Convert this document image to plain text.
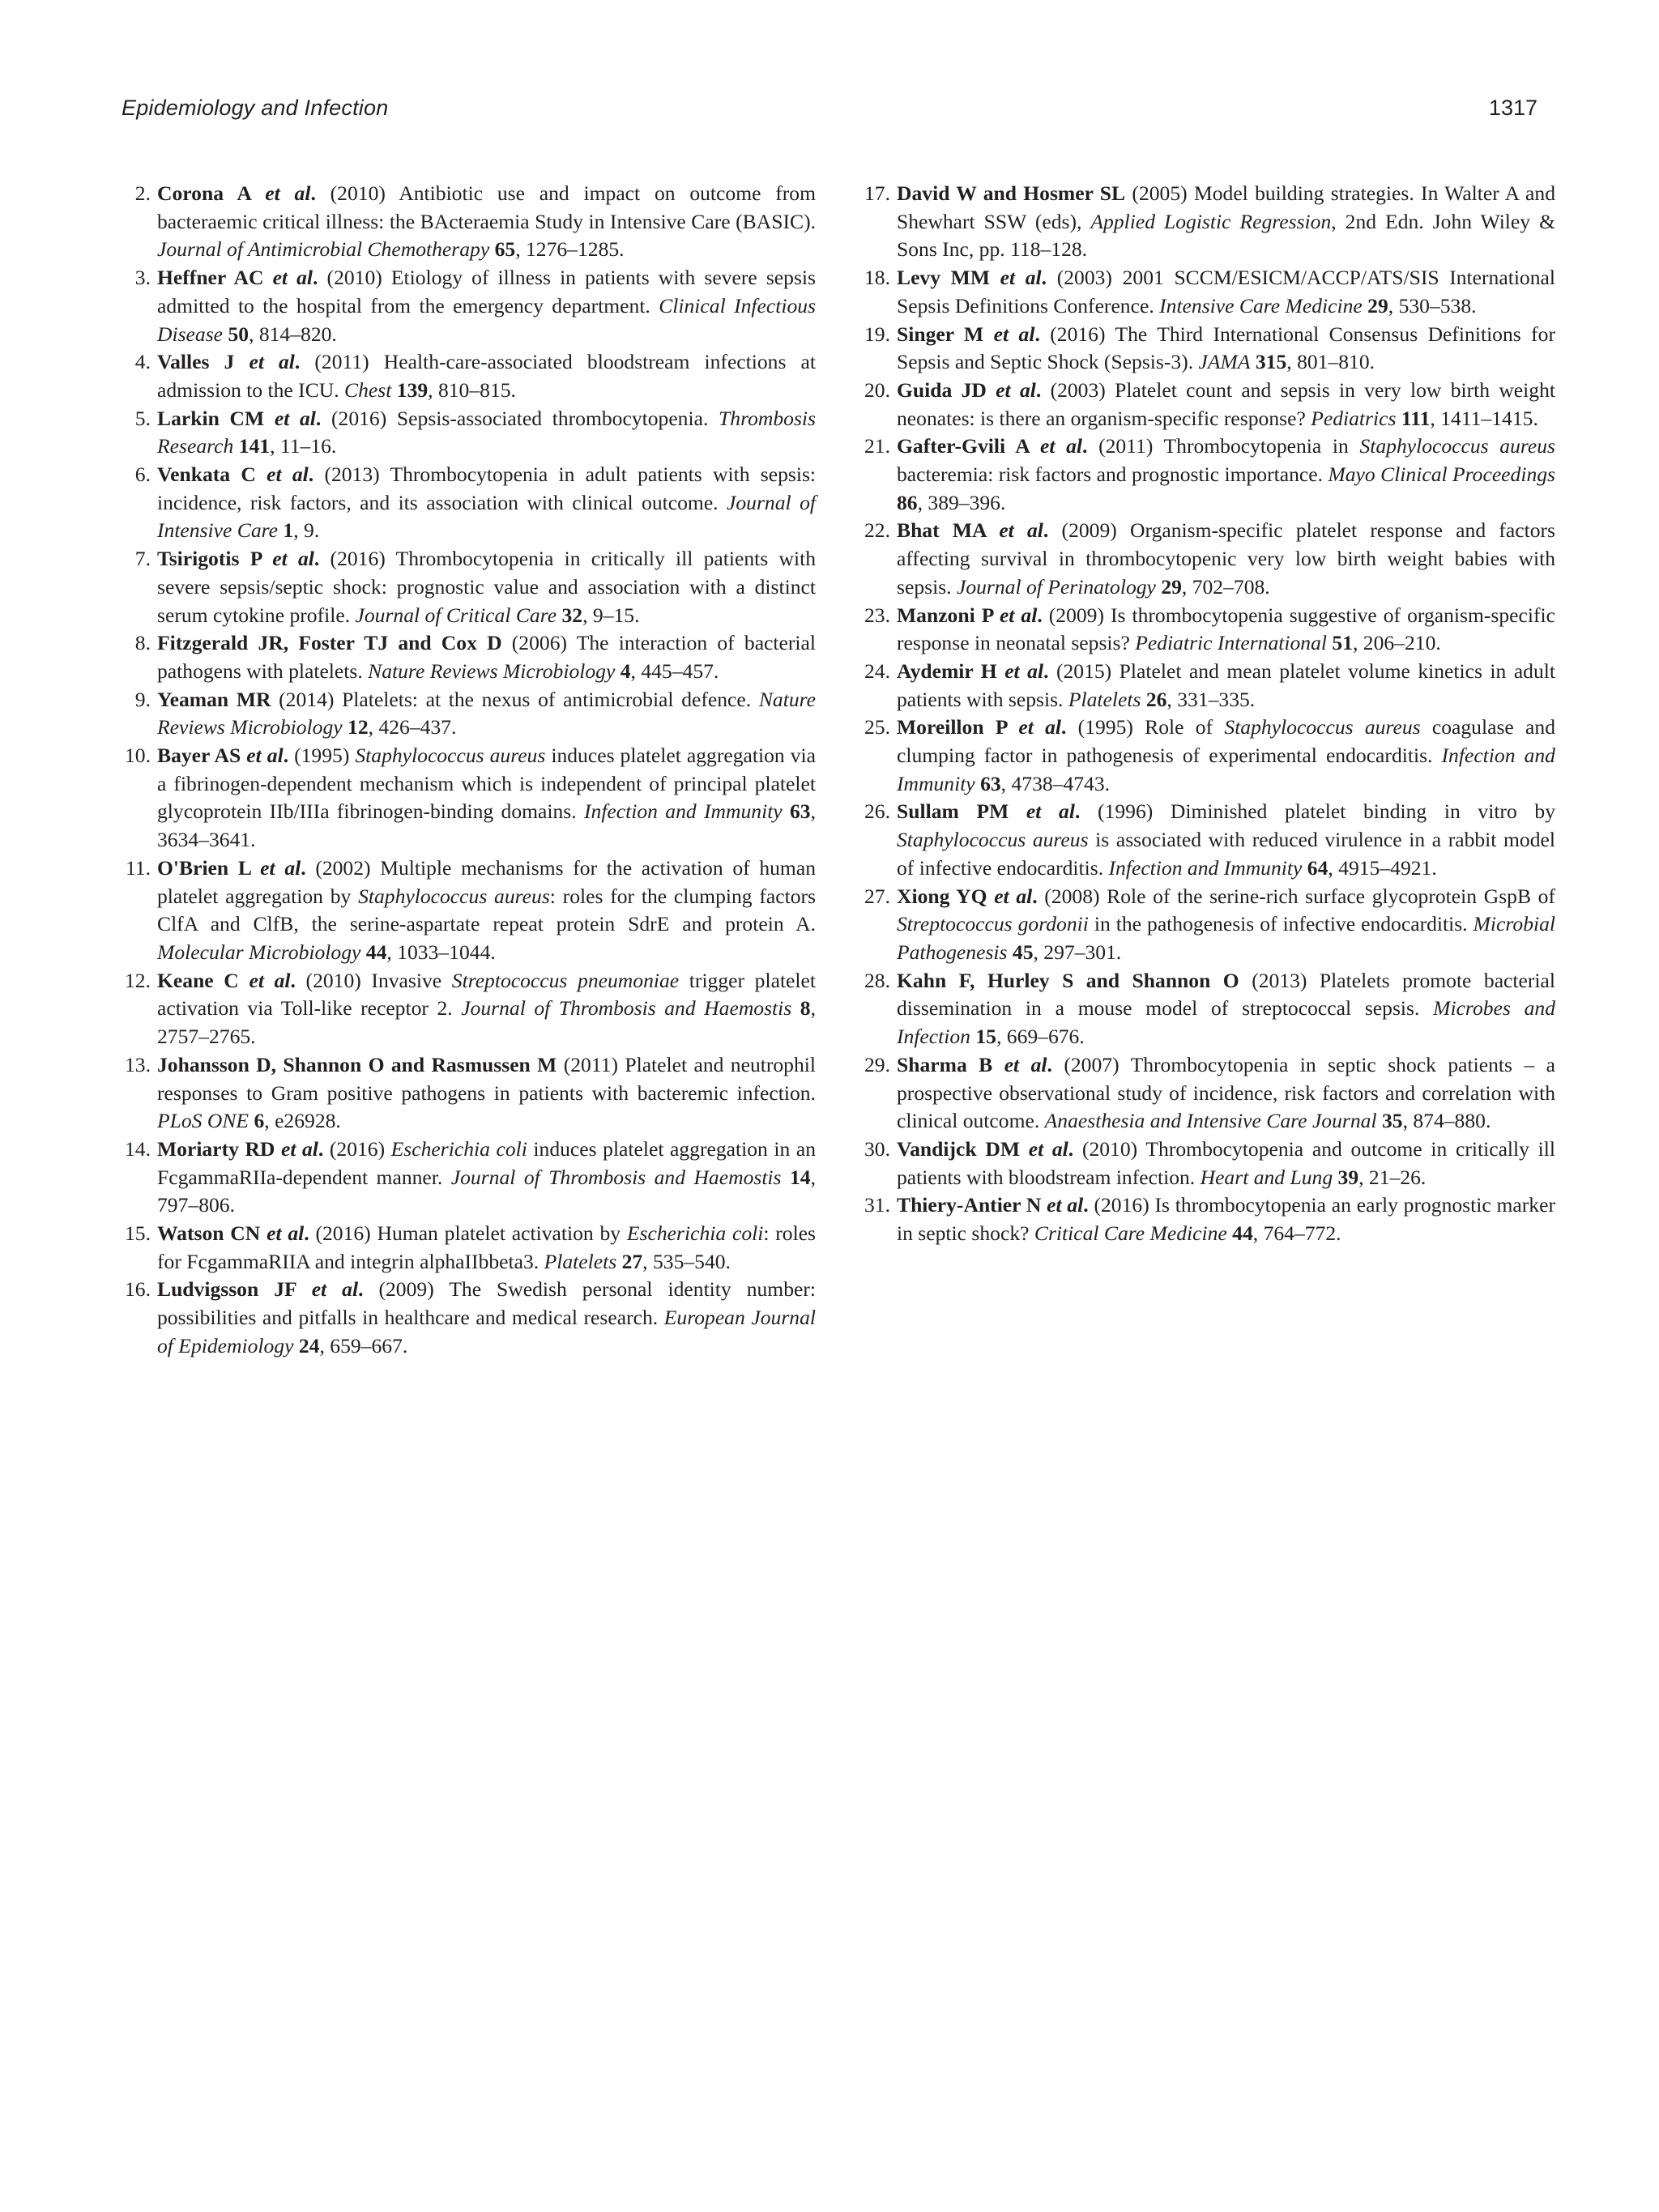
Epidemiology and Infection	1317
2. Corona A et al. (2010) Antibiotic use and impact on outcome from bacteraemic critical illness: the BActeraemia Study in Intensive Care (BASIC). Journal of Antimicrobial Chemotherapy 65, 1276–1285.
3. Heffner AC et al. (2010) Etiology of illness in patients with severe sepsis admitted to the hospital from the emergency department. Clinical Infectious Disease 50, 814–820.
4. Valles J et al. (2011) Health-care-associated bloodstream infections at admission to the ICU. Chest 139, 810–815.
5. Larkin CM et al. (2016) Sepsis-associated thrombocytopenia. Thrombosis Research 141, 11–16.
6. Venkata C et al. (2013) Thrombocytopenia in adult patients with sepsis: incidence, risk factors, and its association with clinical outcome. Journal of Intensive Care 1, 9.
7. Tsirigotis P et al. (2016) Thrombocytopenia in critically ill patients with severe sepsis/septic shock: prognostic value and association with a distinct serum cytokine profile. Journal of Critical Care 32, 9–15.
8. Fitzgerald JR, Foster TJ and Cox D (2006) The interaction of bacterial pathogens with platelets. Nature Reviews Microbiology 4, 445–457.
9. Yeaman MR (2014) Platelets: at the nexus of antimicrobial defence. Nature Reviews Microbiology 12, 426–437.
10. Bayer AS et al. (1995) Staphylococcus aureus induces platelet aggregation via a fibrinogen-dependent mechanism which is independent of principal platelet glycoprotein IIb/IIIa fibrinogen-binding domains. Infection and Immunity 63, 3634–3641.
11. O'Brien L et al. (2002) Multiple mechanisms for the activation of human platelet aggregation by Staphylococcus aureus: roles for the clumping factors ClfA and ClfB, the serine-aspartate repeat protein SdrE and protein A. Molecular Microbiology 44, 1033–1044.
12. Keane C et al. (2010) Invasive Streptococcus pneumoniae trigger platelet activation via Toll-like receptor 2. Journal of Thrombosis and Haemostis 8, 2757–2765.
13. Johansson D, Shannon O and Rasmussen M (2011) Platelet and neutrophil responses to Gram positive pathogens in patients with bacteremic infection. PLoS ONE 6, e26928.
14. Moriarty RD et al. (2016) Escherichia coli induces platelet aggregation in an FcgammaRIIa-dependent manner. Journal of Thrombosis and Haemostis 14, 797–806.
15. Watson CN et al. (2016) Human platelet activation by Escherichia coli: roles for FcgammaRIIA and integrin alphaIIbbeta3. Platelets 27, 535–540.
16. Ludvigsson JF et al. (2009) The Swedish personal identity number: possibilities and pitfalls in healthcare and medical research. European Journal of Epidemiology 24, 659–667.
17. David W and Hosmer SL (2005) Model building strategies. In Walter A and Shewhart SSW (eds), Applied Logistic Regression, 2nd Edn. John Wiley & Sons Inc, pp. 118–128.
18. Levy MM et al. (2003) 2001 SCCM/ESICM/ACCP/ATS/SIS International Sepsis Definitions Conference. Intensive Care Medicine 29, 530–538.
19. Singer M et al. (2016) The Third International Consensus Definitions for Sepsis and Septic Shock (Sepsis-3). JAMA 315, 801–810.
20. Guida JD et al. (2003) Platelet count and sepsis in very low birth weight neonates: is there an organism-specific response? Pediatrics 111, 1411–1415.
21. Gafter-Gvili A et al. (2011) Thrombocytopenia in Staphylococcus aureus bacteremia: risk factors and prognostic importance. Mayo Clinical Proceedings 86, 389–396.
22. Bhat MA et al. (2009) Organism-specific platelet response and factors affecting survival in thrombocytopenic very low birth weight babies with sepsis. Journal of Perinatology 29, 702–708.
23. Manzoni P et al. (2009) Is thrombocytopenia suggestive of organism-specific response in neonatal sepsis? Pediatric International 51, 206–210.
24. Aydemir H et al. (2015) Platelet and mean platelet volume kinetics in adult patients with sepsis. Platelets 26, 331–335.
25. Moreillon P et al. (1995) Role of Staphylococcus aureus coagulase and clumping factor in pathogenesis of experimental endocarditis. Infection and Immunity 63, 4738–4743.
26. Sullam PM et al. (1996) Diminished platelet binding in vitro by Staphylococcus aureus is associated with reduced virulence in a rabbit model of infective endocarditis. Infection and Immunity 64, 4915–4921.
27. Xiong YQ et al. (2008) Role of the serine-rich surface glycoprotein GspB of Streptococcus gordonii in the pathogenesis of infective endocarditis. Microbial Pathogenesis 45, 297–301.
28. Kahn F, Hurley S and Shannon O (2013) Platelets promote bacterial dissemination in a mouse model of streptococcal sepsis. Microbes and Infection 15, 669–676.
29. Sharma B et al. (2007) Thrombocytopenia in septic shock patients – a prospective observational study of incidence, risk factors and correlation with clinical outcome. Anaesthesia and Intensive Care Journal 35, 874–880.
30. Vandijck DM et al. (2010) Thrombocytopenia and outcome in critically ill patients with bloodstream infection. Heart and Lung 39, 21–26.
31. Thiery-Antier N et al. (2016) Is thrombocytopenia an early prognostic marker in septic shock? Critical Care Medicine 44, 764–772.
